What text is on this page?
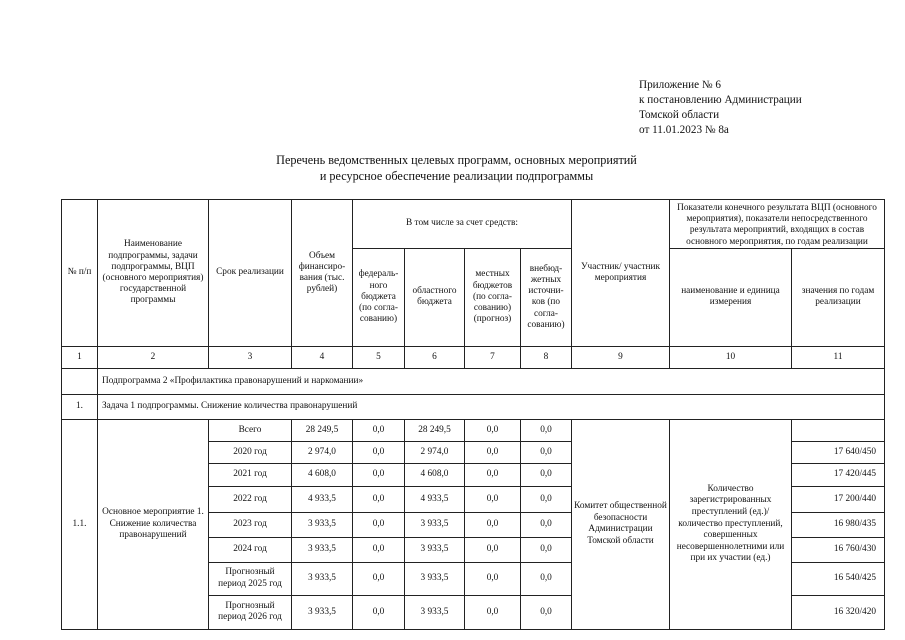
Приложение № 6
к постановлению Администрации
Томской области
от 11.01.2023 № 8а
Перечень ведомственных целевых программ, основных мероприятий
и ресурсное обеспечение реализации подпрограммы
№ п/п	Наименование подпрограммы, задачи подпрограммы, ВЦП (основного мероприятия) государственной программы	Срок реализации	Объем финансиро-вания (тыс. рублей)	В том числе за счет средств:				Участник/ участник мероприятия	Показатели конечного результата ВЦП (основного мероприятия), показатели непосредственного результата мероприятий, входящих в состав основного мероприятия, по годам реализации	
				федераль-ного бюджета (по согла-сованию)	областного бюджета	местных бюджетов (по согла-сованию) (прогноз)	внебюд-жетных источни-ков (по согла-сованию)		наименование и единица измерения	значения по годам реализации
1	2	3	4	5	6	7	8	9	10	11
	Подпрограмма 2 «Профилактика правонарушений и наркомании»									
1.	Задача 1 подпрограммы. Снижение количества правонарушений									
1.1.	Основное мероприятие 1. Снижение количества правонарушений	Всего	28 249,5	0,0	28 249,5	0,0	0,0	Комитет общественной безопасности Администрации Томской области	Количество зарегистрированных преступлений (ед.)/ количество преступлений, совершенных несовершеннолетними или при их участии (ед.)	
		2020 год	2 974,0	0,0	2 974,0	0,0	0,0			17 640/450
		2021 год	4 608,0	0,0	4 608,0	0,0	0,0			17 420/445
		2022 год	4 933,5	0,0	4 933,5	0,0	0,0			17 200/440
		2023 год	3 933,5	0,0	3 933,5	0,0	0,0			16 980/435
		2024 год	3 933,5	0,0	3 933,5	0,0	0,0			16 760/430
		Прогнозный период 2025 год	3 933,5	0,0	3 933,5	0,0	0,0			16 540/425
		Прогнозный период 2026 год	3 933,5	0,0	3 933,5	0,0	0,0			16 320/420
